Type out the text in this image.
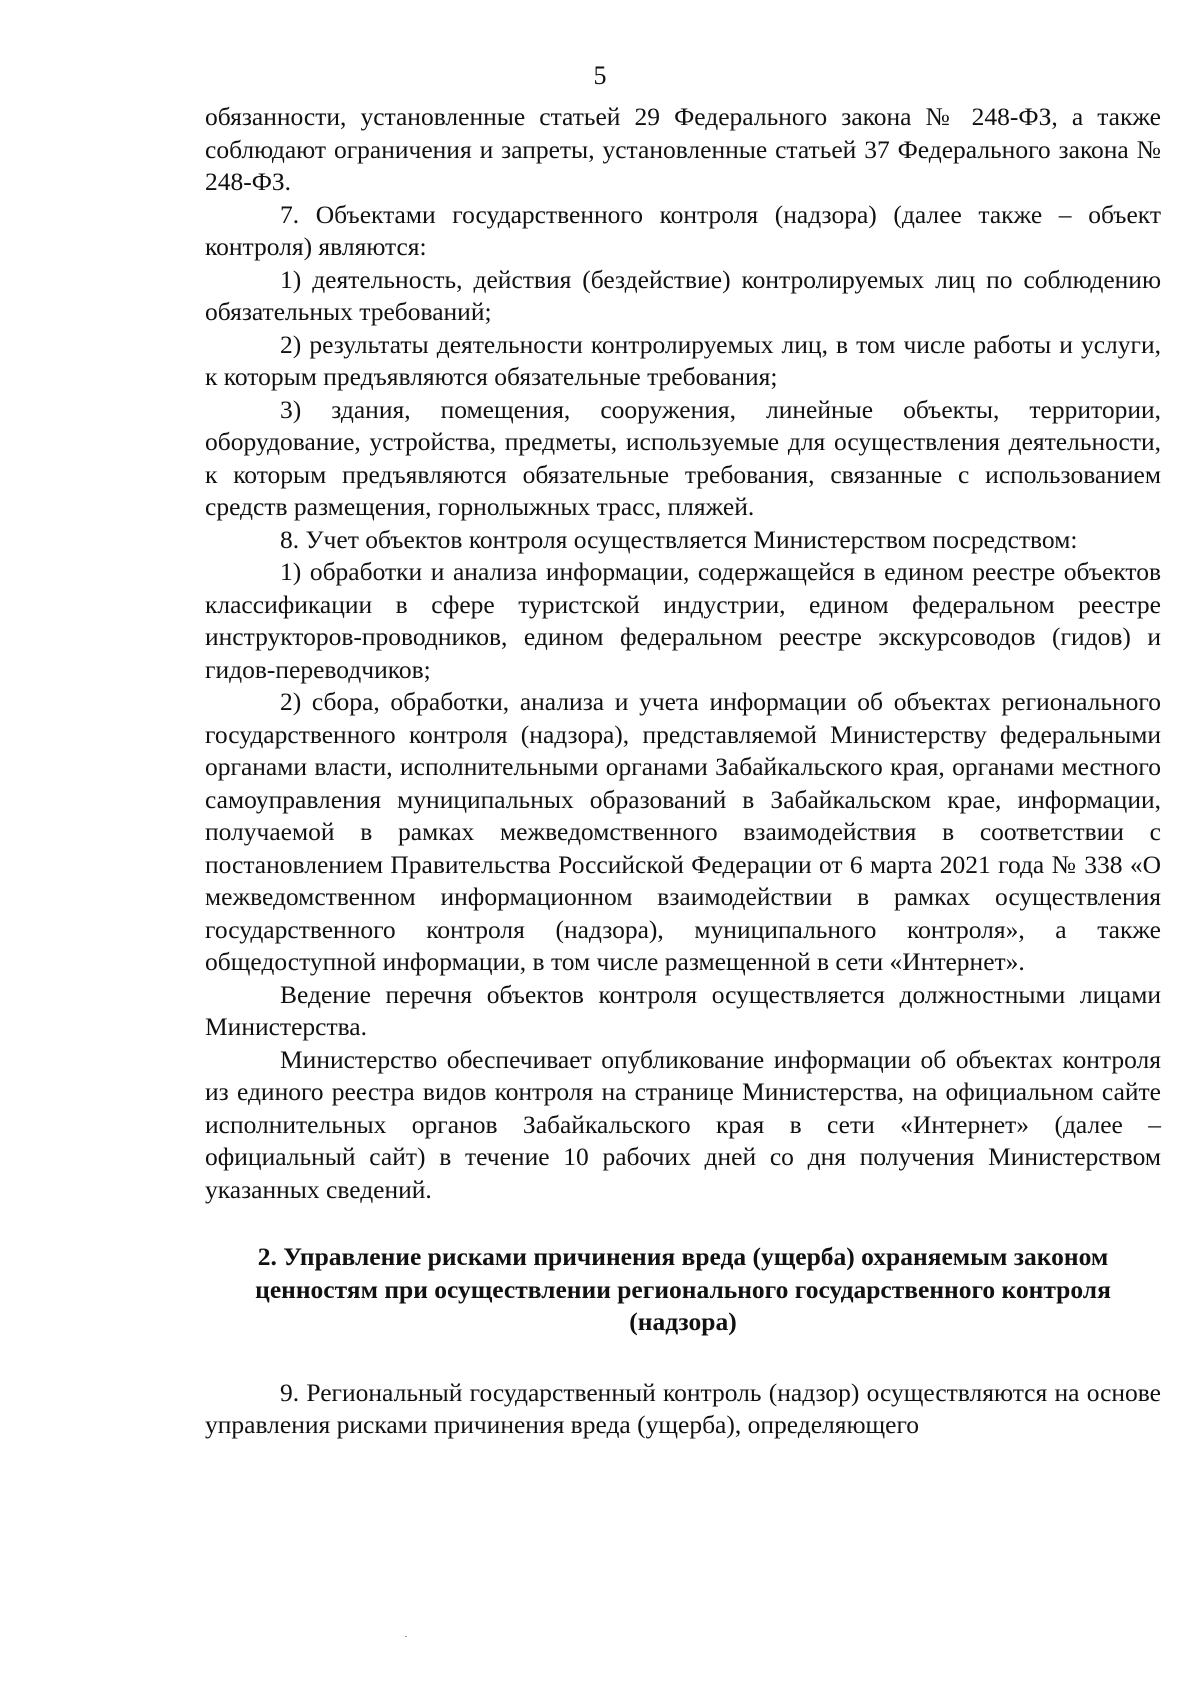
5

обязанности, установленные статьей 29 Федерального закона № 248-ФЗ, а также соблюдают ограничения и запреты, установленные статьей 37 Федерального закона № 248-ФЗ.

7. Объектами государственного контроля (надзора) (далее также – объект контроля) являются:

1) деятельность, действия (бездействие) контролируемых лиц по соблюдению обязательных требований;

2) результаты деятельности контролируемых лиц, в том числе работы и услуги, к которым предъявляются обязательные требования;

3) здания, помещения, сооружения, линейные объекты, территории, оборудование, устройства, предметы, используемые для осуществления деятельности, к которым предъявляются обязательные требования, связанные с использованием средств размещения, горнолыжных трасс, пляжей.

8. Учет объектов контроля осуществляется Министерством посредством:

1) обработки и анализа информации, содержащейся в едином реестре объектов классификации в сфере туристской индустрии, едином федеральном реестре инструкторов-проводников, едином федеральном реестре экскурсоводов (гидов) и гидов-переводчиков;

2) сбора, обработки, анализа и учета информации об объектах регионального государственного контроля (надзора), представляемой Министерству федеральными органами власти, исполнительными органами Забайкальского края, органами местного самоуправления муниципальных образований в Забайкальском крае, информации, получаемой в рамках межведомственного взаимодействия в соответствии с постановлением Правительства Российской Федерации от 6 марта 2021 года № 338 «О межведомственном информационном взаимодействии в рамках осуществления государственного контроля (надзора), муниципального контроля», а также общедоступной информации, в том числе размещенной в сети «Интернет».

Ведение перечня объектов контроля осуществляется должностными лицами Министерства.

Министерство обеспечивает опубликование информации об объектах контроля из единого реестра видов контроля на странице Министерства, на официальном сайте исполнительных органов Забайкальского края в сети «Интернет» (далее – официальный сайт) в течение 10 рабочих дней со дня получения Министерством указанных сведений.

2. Управление рисками причинения вреда (ущерба) охраняемым законом ценностям при осуществлении регионального государственного контроля (надзора)

9. Региональный государственный контроль (надзор) осуществляются на основе управления рисками причинения вреда (ущерба), определяющего
